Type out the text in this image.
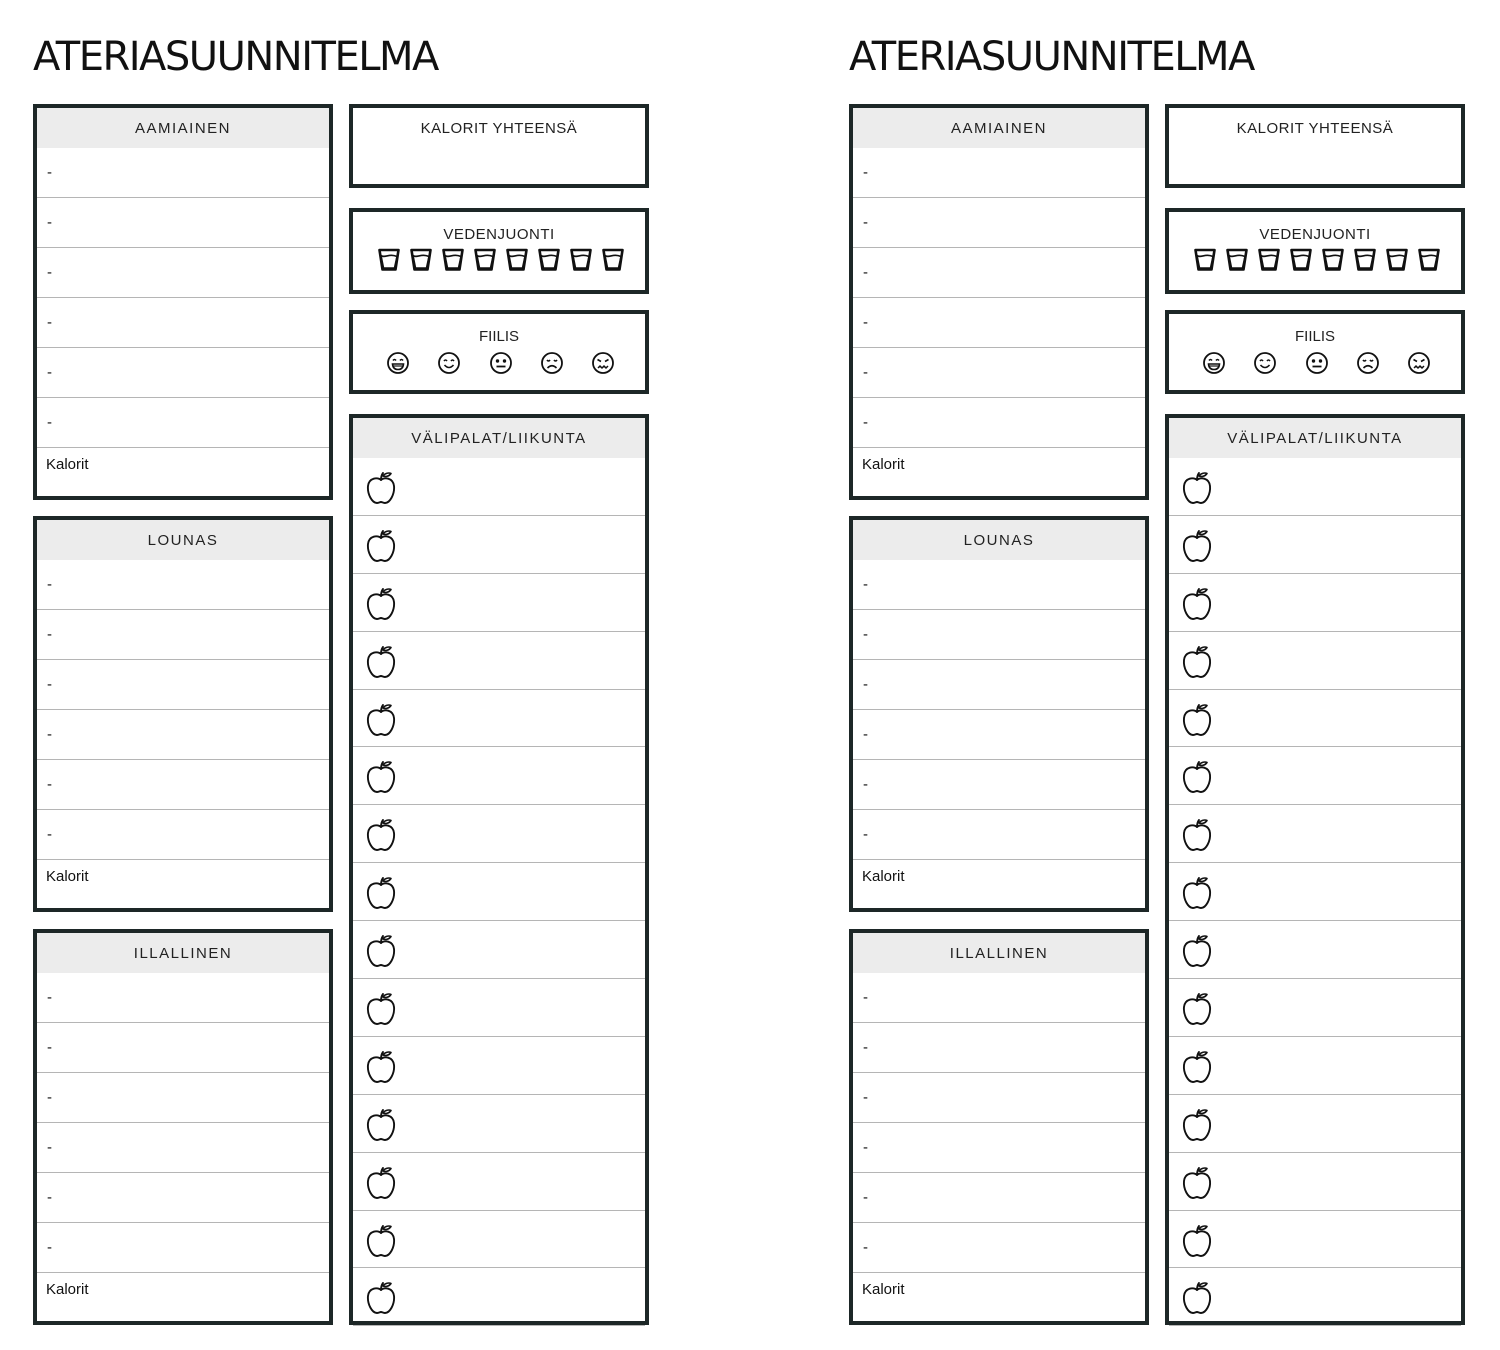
ATERIASUUNNITELMA
AAMIAINEN
-
-
-
-
-
-
Kalorit
LOUNAS
-
-
-
-
-
-
Kalorit
ILLALLINEN
-
-
-
-
-
-
Kalorit
KALORIT YHTEENSÄ
VEDENJUONTI
FIILIS
VÄLIPALAT/LIIKUNTA
ATERIASUUNNITELMA
AAMIAINEN
-
-
-
-
-
-
Kalorit
LOUNAS
-
-
-
-
-
-
Kalorit
ILLALLINEN
-
-
-
-
-
-
Kalorit
KALORIT YHTEENSÄ
VEDENJUONTI
FIILIS
VÄLIPALAT/LIIKUNTA
